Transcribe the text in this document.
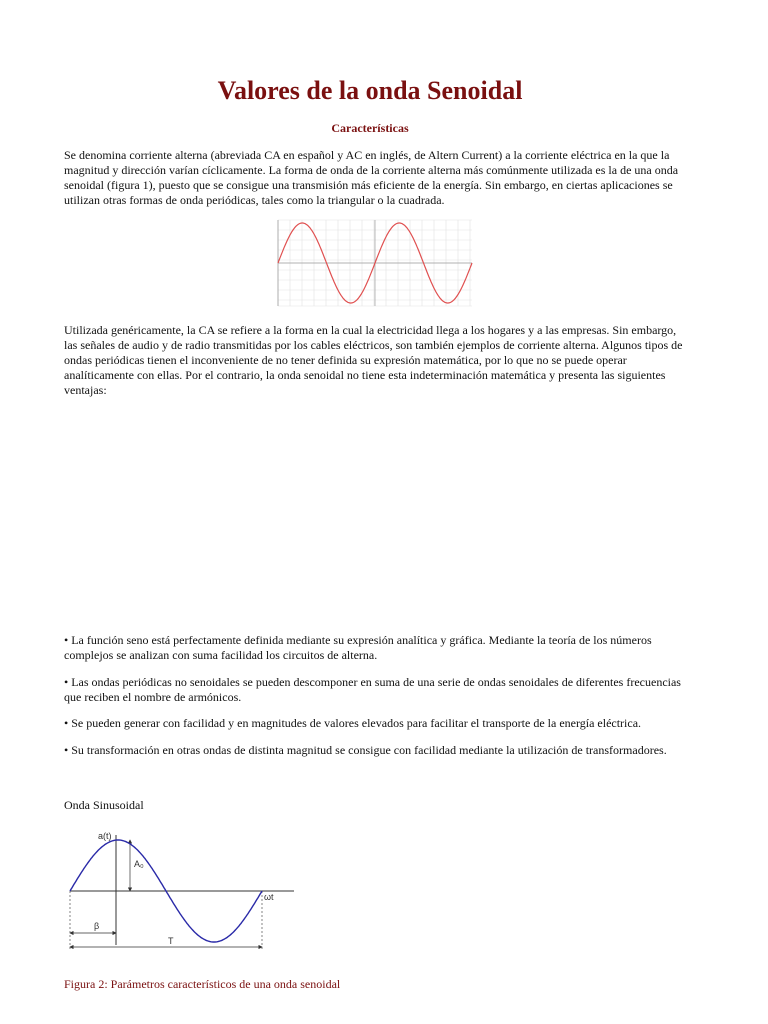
Valores de la onda Senoidal
Características

Se denomina corriente alterna (abreviada CA en español y AC en inglés, de Altern Current) a la corriente eléctrica en la que la magnitud y dirección varían cíclicamente. La forma de onda de la corriente alterna más comúnmente utilizada es la de una onda senoidal (figura 1), puesto que se consigue una transmisión más eficiente de la energía. Sin embargo, en ciertas aplicaciones se utilizan otras formas de onda periódicas, tales como la triangular o la cuadrada.

Utilizada genéricamente, la CA se refiere a la forma en la cual la electricidad llega a los hogares y a las empresas. Sin embargo, las señales de audio y de radio transmitidas por los cables eléctricos, son también ejemplos de corriente alterna. Algunos tipos de ondas periódicas tienen el inconveniente de no tener definida su expresión matemática, por lo que no se puede operar analíticamente con ellas. Por el contrario, la onda senoidal no tiene esta indeterminación matemática y presenta las siguientes ventajas:

• La función seno está perfectamente definida mediante su expresión analítica y gráfica. Mediante la teoría de los números complejos se analizan con suma facilidad los circuitos de alterna.

• Las ondas periódicas no senoidales se pueden descomponer en suma de una serie de ondas senoidales de diferentes frecuencias que reciben el nombre de armónicos.

• Se pueden generar con facilidad y en magnitudes de valores elevados para facilitar el transporte de la energía eléctrica.

• Su transformación en otras ondas de distinta magnitud se consigue con facilidad mediante la utilización de transformadores.

Onda Sinusoidal

a(t)
ωt
A₀
β
T

Figura 2: Parámetros característicos de una onda senoidal
